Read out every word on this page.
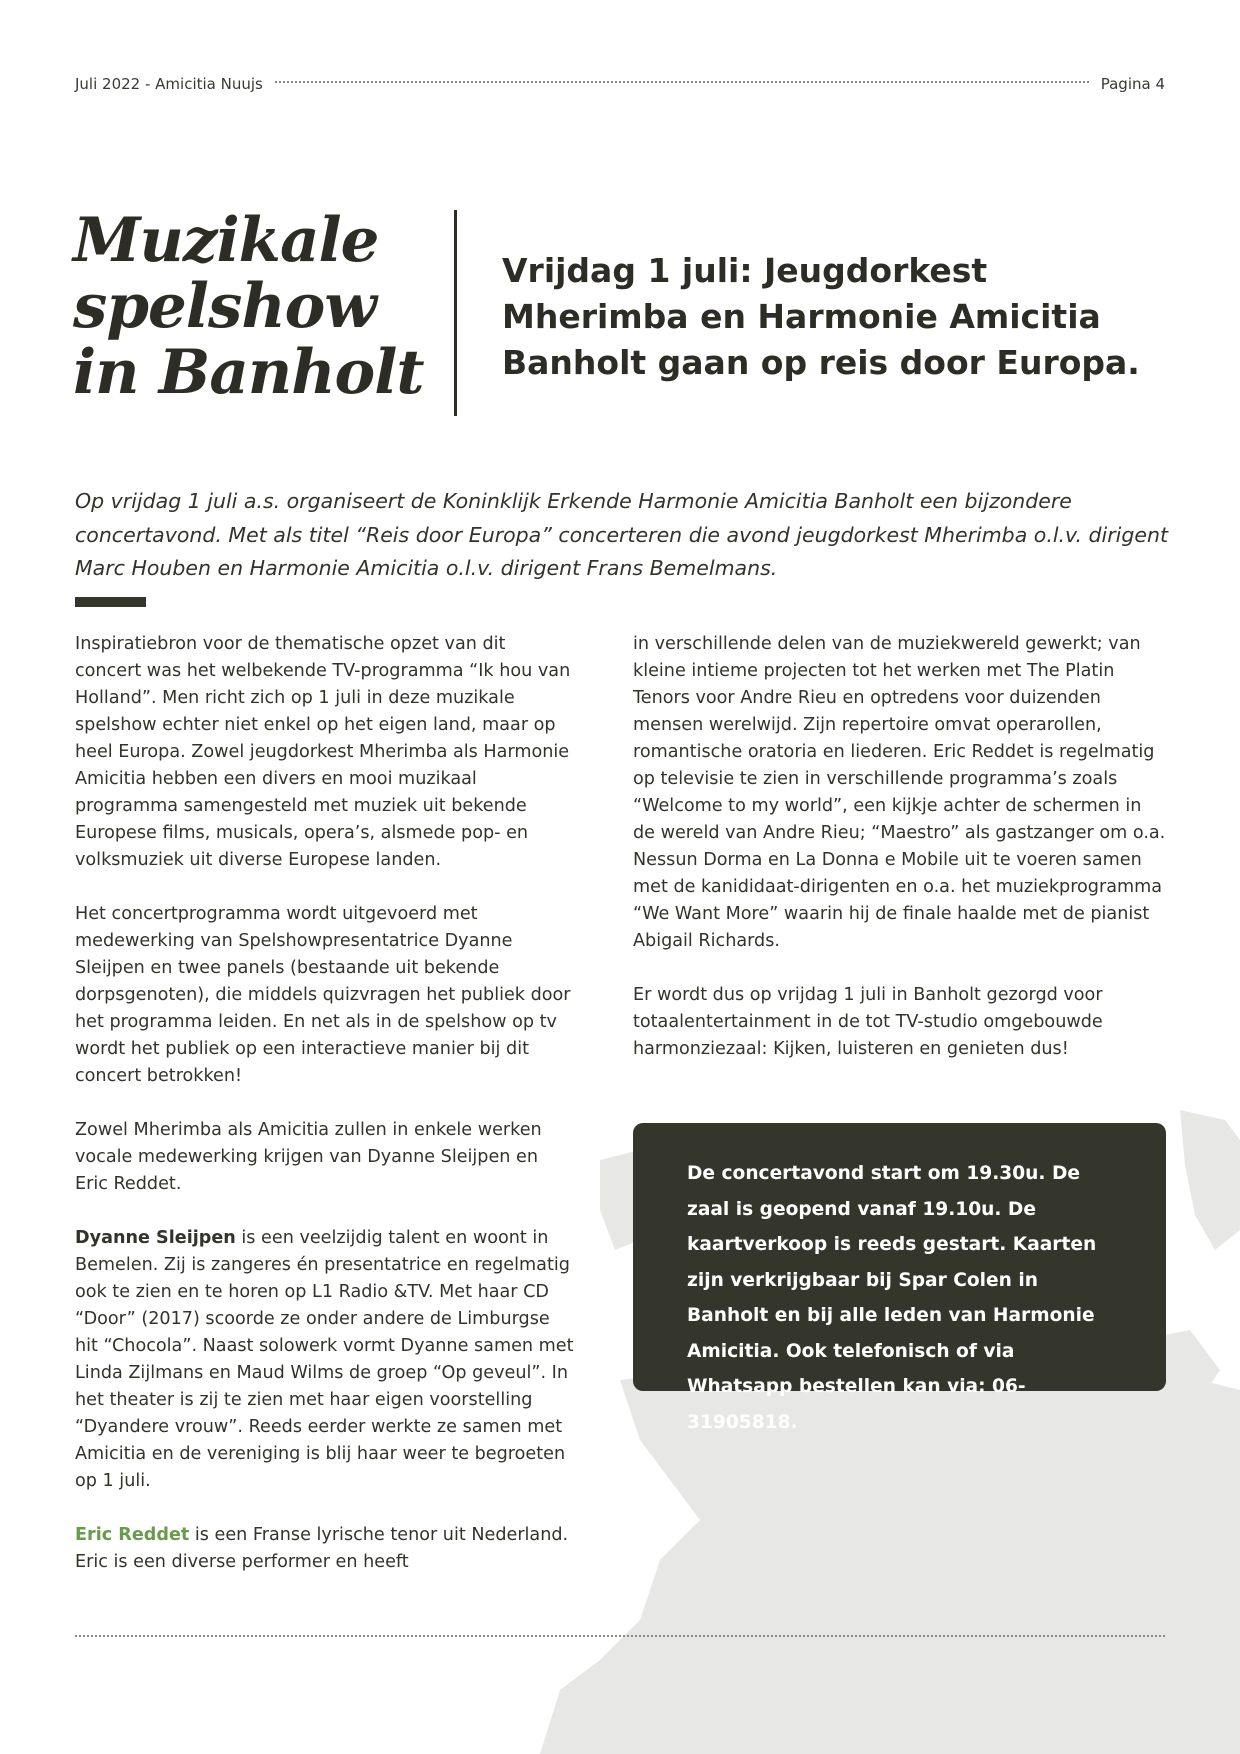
Juli 2022 - Amicitia Nuujs	Pagina 4
Muzikale spelshow in Banholt
Vrijdag 1 juli: Jeugdorkest Mherimba en Harmonie Amicitia Banholt gaan op reis door Europa.

Op vrijdag 1 juli a.s. organiseert de Koninklijk Erkende Harmonie Amicitia Banholt een bijzondere concertavond. Met als titel “Reis door Europa” concerteren die avond jeugdorkest Mherimba o.l.v. dirigent Marc Houben en Harmonie Amicitia o.l.v. dirigent Frans Bemelmans.

Inspiratiebron voor de thematische opzet van dit concert was het welbekende TV-programma “Ik hou van Holland”. Men richt zich op 1 juli in deze muzikale spelshow echter niet enkel op het eigen land, maar op heel Europa. Zowel jeugdorkest Mherimba als Harmonie Amicitia hebben een divers en mooi muzikaal programma samengesteld met muziek uit bekende Europese films, musicals, opera’s, alsmede pop- en volksmuziek uit diverse Europese landen.

Het concertprogramma wordt uitgevoerd met medewerking van Spelshowpresentatrice Dyanne Sleijpen en twee panels (bestaande uit bekende dorpsgenoten), die middels quizvragen het publiek door het programma leiden. En net als in de spelshow op tv wordt het publiek op een interactieve manier bij dit concert betrokken!

Zowel Mherimba als Amicitia zullen in enkele werken vocale medewerking krijgen van Dyanne Sleijpen en Eric Reddet.

Dyanne Sleijpen is een veelzijdig talent en woont in Bemelen. Zij is zangeres én presentatrice en regelmatig ook te zien en te horen op L1 Radio &TV. Met haar CD “Door” (2017) scoorde ze onder andere de Limburgse hit “Chocola”. Naast solowerk vormt Dyanne samen met Linda Zijlmans en Maud Wilms de groep “Op geveul”. In het theater is zij te zien met haar eigen voorstelling “Dyandere vrouw”. Reeds eerder werkte ze samen met Amicitia en de vereniging is blij haar weer te begroeten op 1 juli.

Eric Reddet is een Franse lyrische tenor uit Nederland. Eric is een diverse performer en heeft

in verschillende delen van de muziekwereld gewerkt; van kleine intieme projecten tot het werken met The Platin Tenors voor Andre Rieu en optredens voor duizenden mensen werelwijd. Zijn repertoire omvat operarollen, romantische oratoria en liederen. Eric Reddet is regelmatig op televisie te zien in verschillende programma’s zoals “Welcome to my world”, een kijkje achter de schermen in de wereld van Andre Rieu; “Maestro” als gastzanger om o.a. Nessun Dorma en La Donna e Mobile uit te voeren samen met de kanididaat-dirigenten en o.a. het muziekprogramma “We Want More” waarin hij de finale haalde met de pianist Abigail Richards.

Er wordt dus op vrijdag 1 juli in Banholt gezorgd voor totaalentertainment in de tot TV-studio omgebouwde harmonziezaal: Kijken, luisteren en genieten dus!

De concertavond start om 19.30u. De zaal is geopend vanaf 19.10u. De kaartverkoop is reeds gestart. Kaarten zijn verkrijgbaar bij Spar Colen in Banholt en bij alle leden van Harmonie Amicitia. Ook telefonisch of via Whatsapp bestellen kan via: 06-31905818.
